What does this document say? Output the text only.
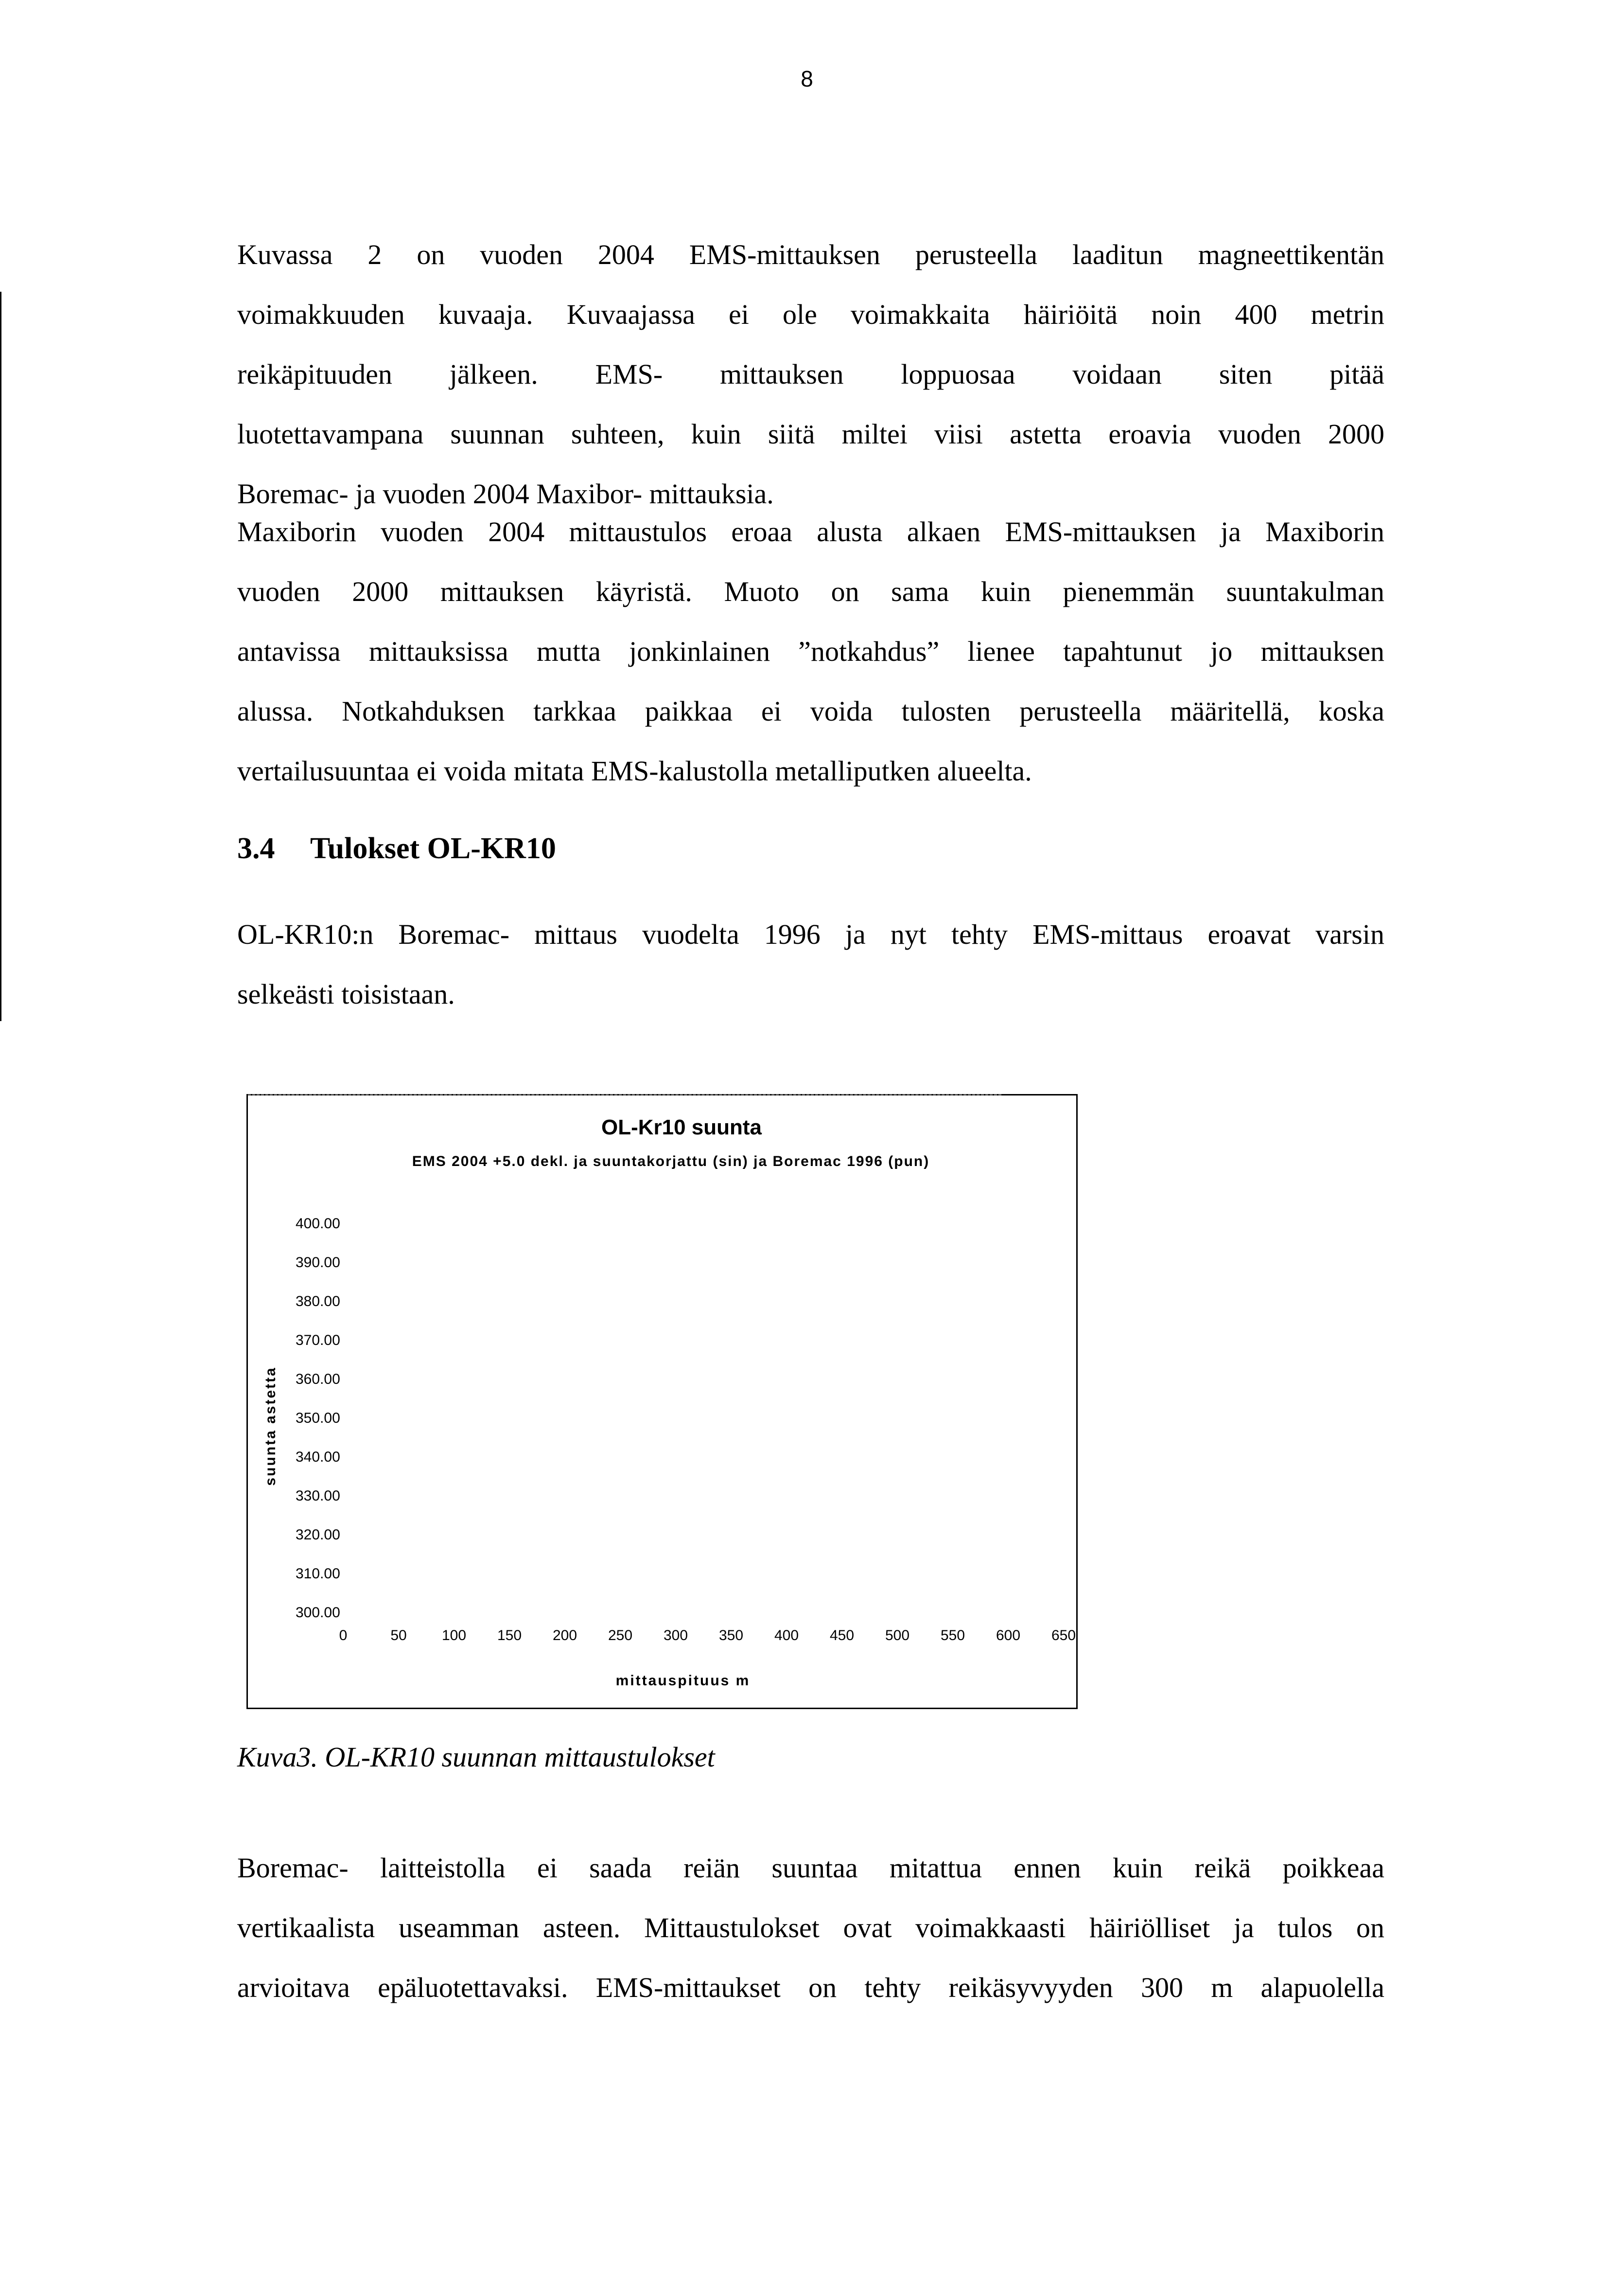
8
Kuvassa 2 on vuoden 2004 EMS-mittauksen perusteella laaditun magneettikentän
voimakkuuden kuvaaja. Kuvaajassa ei ole voimakkaita häiriöitä noin 400 metrin
reikäpituuden jälkeen. EMS- mittauksen loppuosaa voidaan siten pitää
luotettavampana suunnan suhteen, kuin siitä miltei viisi astetta eroavia vuoden 2000
Boremac- ja vuoden 2004 Maxibor- mittauksia.
Maxiborin vuoden 2004 mittaustulos eroaa alusta alkaen EMS-mittauksen ja Maxiborin
vuoden 2000 mittauksen käyristä. Muoto on sama kuin pienemmän suuntakulman
antavissa mittauksissa mutta jonkinlainen ”notkahdus” lienee tapahtunut jo mittauksen
alussa. Notkahduksen tarkkaa paikkaa ei voida tulosten perusteella määritellä, koska
vertailusuuntaa ei voida mitata EMS-kalustolla metalliputken alueelta.
3.4 Tulokset OL-KR10
OL-KR10:n Boremac- mittaus vuodelta 1996 ja nyt tehty EMS-mittaus eroavat varsin
selkeästi toisistaan.
OL-Kr10 suunta
EMS 2004 +5.0 dekl. ja suuntakorjattu (sin) ja Boremac 1996 (pun)
suunta astetta
mittauspituus m
400.00
390.00
380.00
370.00
360.00
350.00
340.00
330.00
320.00
310.00
300.00
0	50 100 150 200 250 300 350 400 450 500 550 600 650
Kuva3. OL-KR10 suunnan mittaustulokset
Boremac- laitteistolla ei saada reiän suuntaa mitattua ennen kuin reikä poikkeaa
vertikaalista useamman asteen. Mittaustulokset ovat voimakkaasti häiriölliset ja tulos on
arvioitava epäluotettavaksi. EMS-mittaukset on tehty reikäsyvyyden 300 m alapuolella
